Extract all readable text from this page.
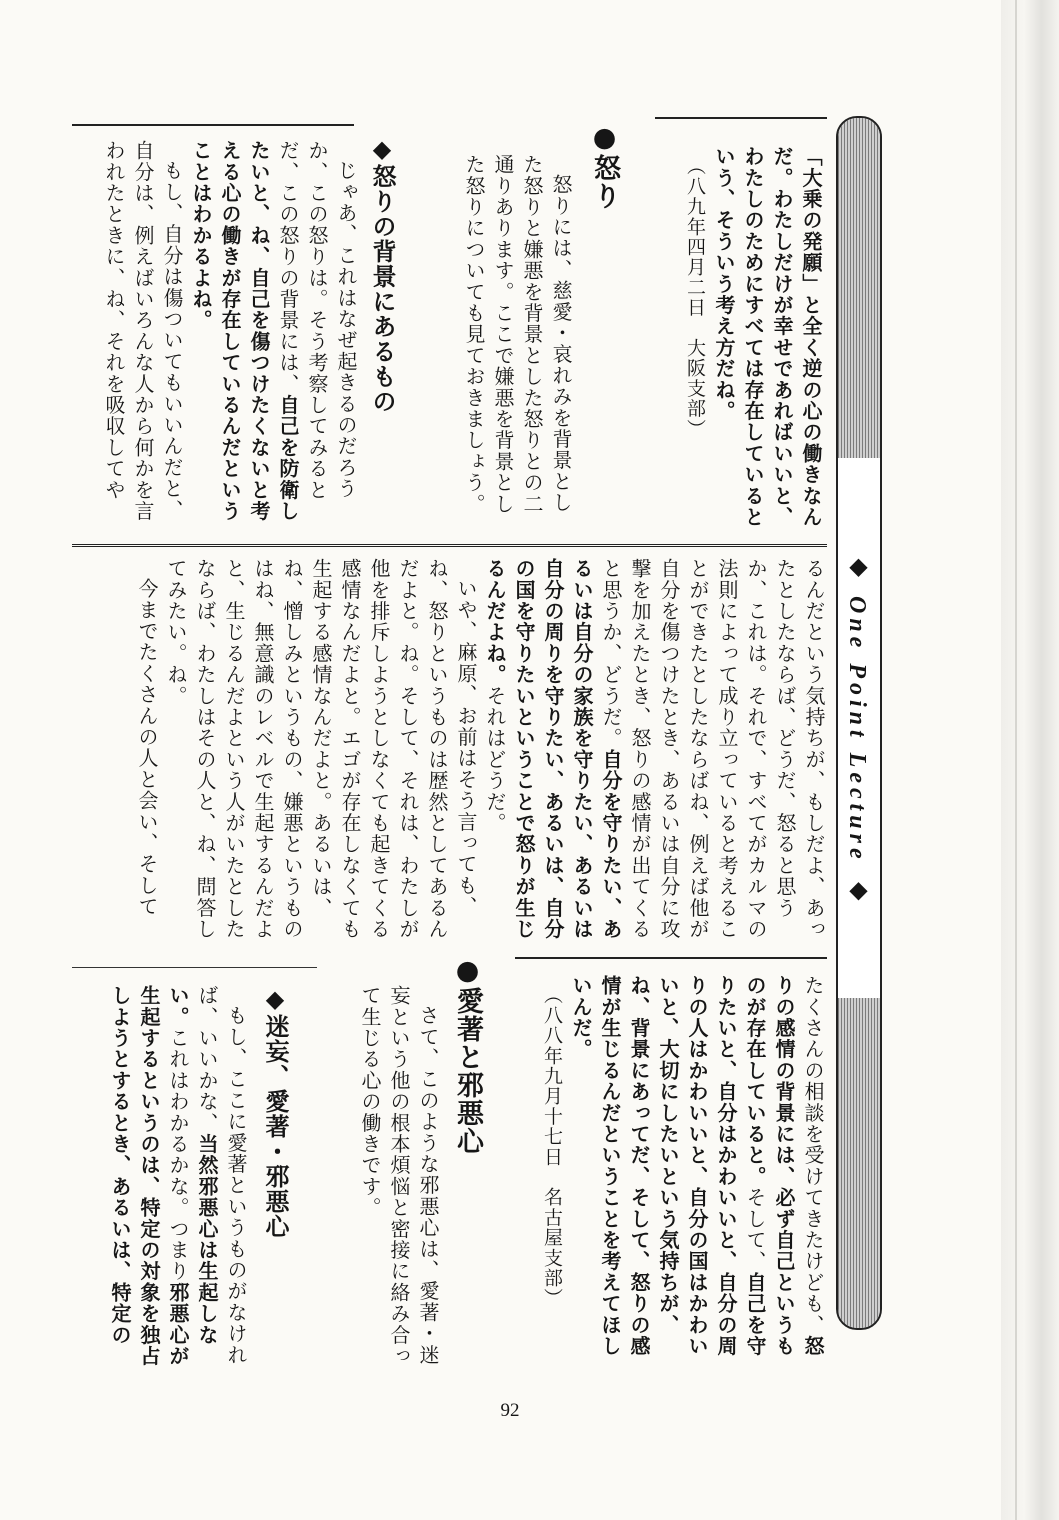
◆ One Point Lecture ◆

「大乗の発願」と全く逆の心の働きなんだ。わたしだけが幸せであればいいと、わたしのためにすべては存在しているという、そういう考え方だね。

（八九年四月二日　大阪支部）

●怒り

怒りには、慈愛・哀れみを背景とした怒りと嫌悪を背景とした怒りとの二通りあります。ここで嫌悪を背景とした怒りについても見ておきましょう。

◆怒りの背景にあるもの

じゃあ、これはなぜ起きるのだろうか、この怒りは。そう考察してみるとだ、この怒りの背景には、自己を防衛したいと、ね、自己を傷つけたくないと考える心の働きが存在しているんだということはわかるよね。

もし、自分は傷ついてもいいんだと、自分は、例えばいろんな人から何かを言われたときに、ね、それを吸収してや

るんだという気持ちが、もしだよ、あったとしたならば、どうだ、怒ると思うか、これは。それで、すべてがカルマの法則によって成り立っていると考えることができたとしたならばね、例えば他が自分を傷つけたとき、あるいは自分に攻撃を加えたとき、怒りの感情が出てくると思うか、どうだ。自分を守りたい、あるいは自分の家族を守りたい、あるいは自分の周りを守りたい、あるいは、自分の国を守りたいということで怒りが生じるんだよね。それはどうだ。

いや、麻原、お前はそう言っても、ね、怒りというものは歴然としてあるんだよと。ね。そして、それは、わたしが他を排斥しようとしなくても起きてくる感情なんだよと。エゴが存在しなくても生起する感情なんだよと。あるいは、ね、憎しみというもの、嫌悪というものはね、無意識のレベルで生起するんだよと、生じるんだよという人がいたとしたならば、わたしはその人と、ね、問答してみたい。ね。

今までたくさんの人と会い、そして

たくさんの相談を受けてきたけども、怒りの感情の背景には、必ず自己というものが存在していると。そして、自己を守りたいと、自分はかわいいと、自分の周りの人はかわいいと、自分の国はかわいいと、大切にしたいという気持ちが、ね、背景にあってだ、そして、怒りの感情が生じるんだということを考えてほしいんだ。

（八八年九月十七日　名古屋支部）

●愛著と邪悪心

さて、このような邪悪心は、愛著・迷妄という他の根本煩悩と密接に絡み合って生じる心の働きです。

◆迷妄、愛著・邪悪心

もし、ここに愛著というものがなければ、いいかな、当然邪悪心は生起しない。これはわかるかな。つまり邪悪心が生起するというのは、特定の対象を独占しようとするとき、あるいは、特定の

92
